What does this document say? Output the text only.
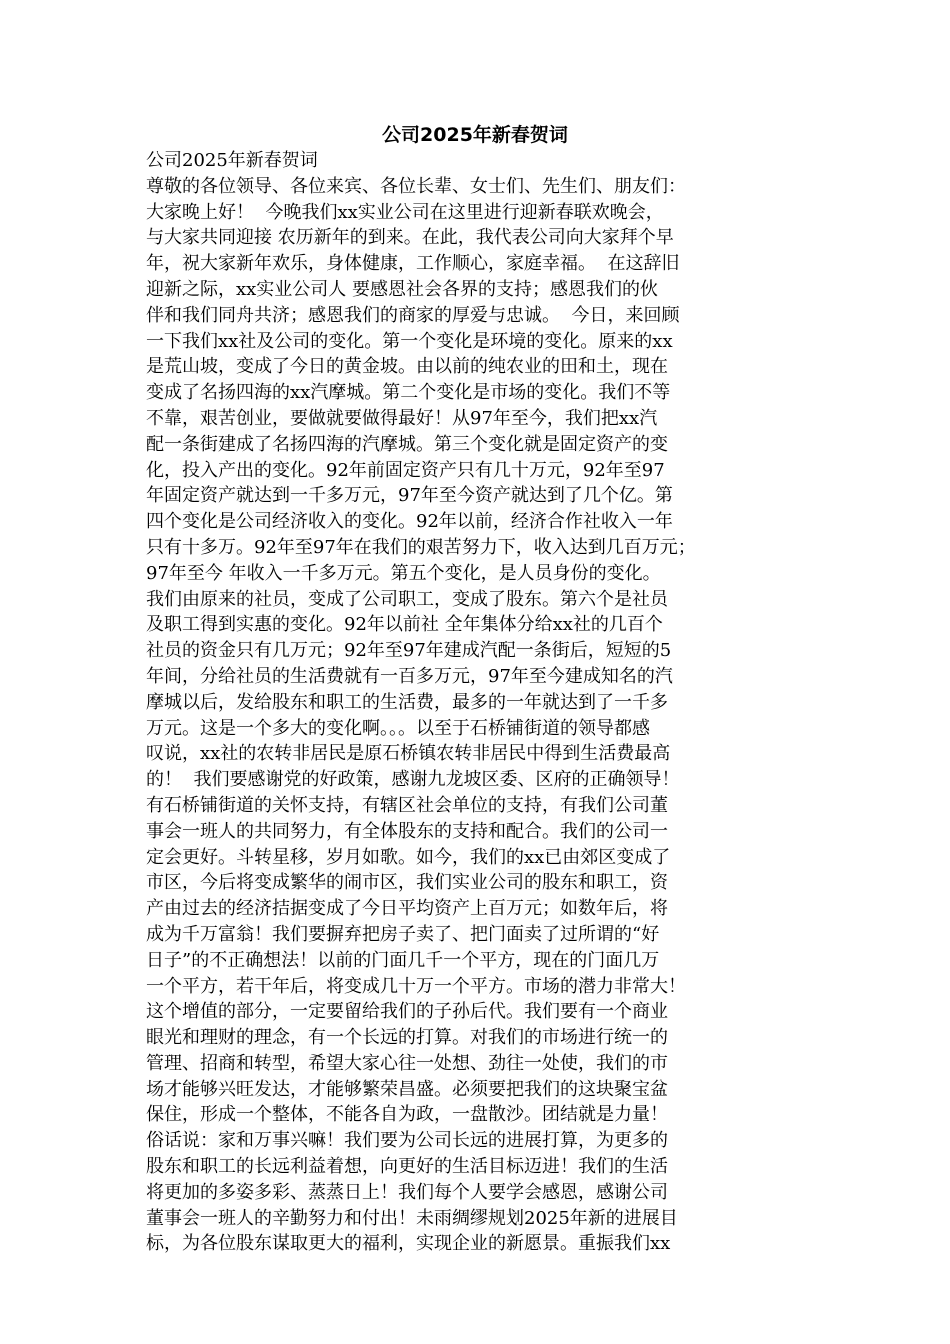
公司2025年新春贺词
公司2025年新春贺词
尊敬的各位领导、各位来宾、各位长辈、女士们、先生们、朋友们：
大家晚上好！  今晚我们xx实业公司在这里进行迎新春联欢晚会，
与大家共同迎接 农历新年的到来。在此，我代表公司向大家拜个早
年，祝大家新年欢乐，身体健康，工作顺心，家庭幸福。  在这辞旧
迎新之际，xx实业公司人 要感恩社会各界的支持；感恩我们的伙
伴和我们同舟共济；感恩我们的商家的厚爱与忠诚。  今日，来回顾
一下我们xx社及公司的变化。第一个变化是环境的变化。原来的xx
是荒山坡，变成了今日的黄金坡。由以前的纯农业的田和土，现在
变成了名扬四海的xx汽摩城。第二个变化是市场的变化。我们不等
不靠，艰苦创业，要做就要做得最好！从97年至今，我们把xx汽
配一条街建成了名扬四海的汽摩城。第三个变化就是固定资产的变
化，投入产出的变化。92年前固定资产只有几十万元，92年至97
年固定资产就达到一千多万元，97年至今资产就达到了几个亿。第
四个变化是公司经济收入的变化。92年以前，经济合作社收入一年
只有十多万。92年至97年在我们的艰苦努力下，收入达到几百万元；
97年至今 年收入一千多万元。第五个变化，是人员身份的变化。
我们由原来的社员，变成了公司职工，变成了股东。第六个是社员
及职工得到实惠的变化。92年以前社 全年集体分给xx社的几百个
社员的资金只有几万元；92年至97年建成汽配一条街后，短短的5
年间，分给社员的生活费就有一百多万元，97年至今建成知名的汽
摩城以后，发给股东和职工的生活费，最多的一年就达到了一千多
万元。这是一个多大的变化啊。。。以至于石桥铺街道的领导都感
叹说，xx社的农转非居民是原石桥镇农转非居民中得到生活费最高
的！  我们要感谢党的好政策，感谢九龙坡区委、区府的正确领导！
有石桥铺街道的关怀支持，有辖区社会单位的支持，有我们公司董
事会一班人的共同努力，有全体股东的支持和配合。我们的公司一
定会更好。斗转星移，岁月如歌。如今，我们的xx已由郊区变成了
市区，今后将变成繁华的闹市区，我们实业公司的股东和职工，资
产由过去的经济拮据变成了今日平均资产上百万元；如数年后，将
成为千万富翁！我们要摒弃把房子卖了、把门面卖了过所谓的“好
日子”的不正确想法！以前的门面几千一个平方，现在的门面几万
一个平方，若干年后，将变成几十万一个平方。市场的潜力非常大！
这个增值的部分，一定要留给我们的子孙后代。我们要有一个商业
眼光和理财的理念，有一个长远的打算。对我们的市场进行统一的
管理、招商和转型，希望大家心往一处想、劲往一处使，我们的市
场才能够兴旺发达，才能够繁荣昌盛。必须要把我们的这块聚宝盆
保住，形成一个整体，不能各自为政，一盘散沙。团结就是力量！
俗话说：家和万事兴嘛！我们要为公司长远的进展打算，为更多的
股东和职工的长远利益着想，向更好的生活目标迈进！我们的生活
将更加的多姿多彩、蒸蒸日上！我们每个人要学会感恩，感谢公司
董事会一班人的辛勤努力和付出！未雨绸缪规划2025年新的进展目
标，为各位股东谋取更大的福利，实现企业的新愿景。重振我们xx
